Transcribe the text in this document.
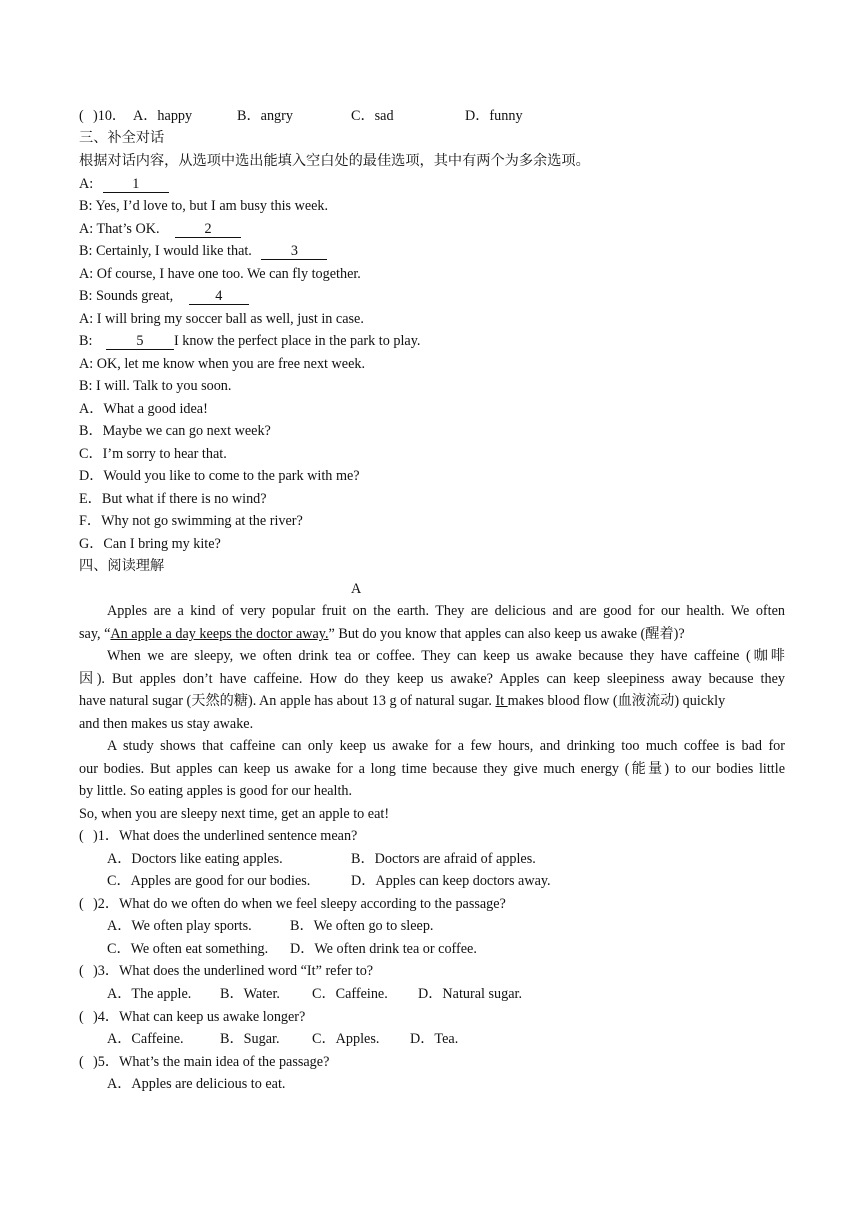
( )10． A．happy	B．angry	C．sad	D．funny
三、补全对话
根据对话内容，从选项中选出能填入空白处的最佳选项，其中有两个为多余选项。
A:	1
B: Yes, I’d love to, but I am busy this week.
A: That’s OK.	2
B: Certainly, I would like that.	3
A: Of course, I have one too. We can fly together.
B: Sounds great,	4
A: I will bring my soccer ball as well, just in case.
B:	5 I know the perfect place in the park to play.
A: OK, let me know when you are free next week.
B: I will. Talk to you soon.
A．What a good idea!
B．Maybe we can go next week?
C．I’m sorry to hear that.
D．Would you like to come to the park with me?
E．But what if there is no wind?
F．Why not go swimming at the river?
G．Can I bring my kite?
四、阅读理解
A
Apples are a kind of very popular fruit on the earth. They are delicious and are good for our health. We often
say, “An apple a day keeps the doctor away.” But do you know that apples can also keep us awake (醒着)?
When we are sleepy, we often drink tea or coffee. They can keep us awake because they have caffeine (咖啡
因). But apples don’t have caffeine. How do they keep us awake? Apples can keep sleepiness away because they
have natural sugar (天然的糖). An apple has about 13 g of natural sugar. It makes blood flow (血液流动) quickly
and then makes us stay awake.
A study shows that caffeine can only keep us awake for a few hours, and drinking too much coffee is bad for
our bodies. But apples can keep us awake for a long time because they give much energy (能量) to our bodies little
by little. So eating apples is good for our health.
So, when you are sleepy next time, get an apple to eat!
( )1．What does the underlined sentence mean?
A．Doctors like eating apples.	B．Doctors are afraid of apples.
C．Apples are good for our bodies.	D．Apples can keep doctors away.
( )2．What do we often do when we feel sleepy according to the passage?
A．We often play sports.	B．We often go to sleep.
C．We often eat something. D．We often drink tea or coffee.
( )3．What does the underlined word “It” refer to?
A．The apple. B．Water. C．Caffeine. D．Natural sugar.
( )4．What can keep us awake longer?
A．Caffeine.	B．Sugar. C．Apples. D．Tea.
( )5．What’s the main idea of the passage?
A．Apples are delicious to eat.
